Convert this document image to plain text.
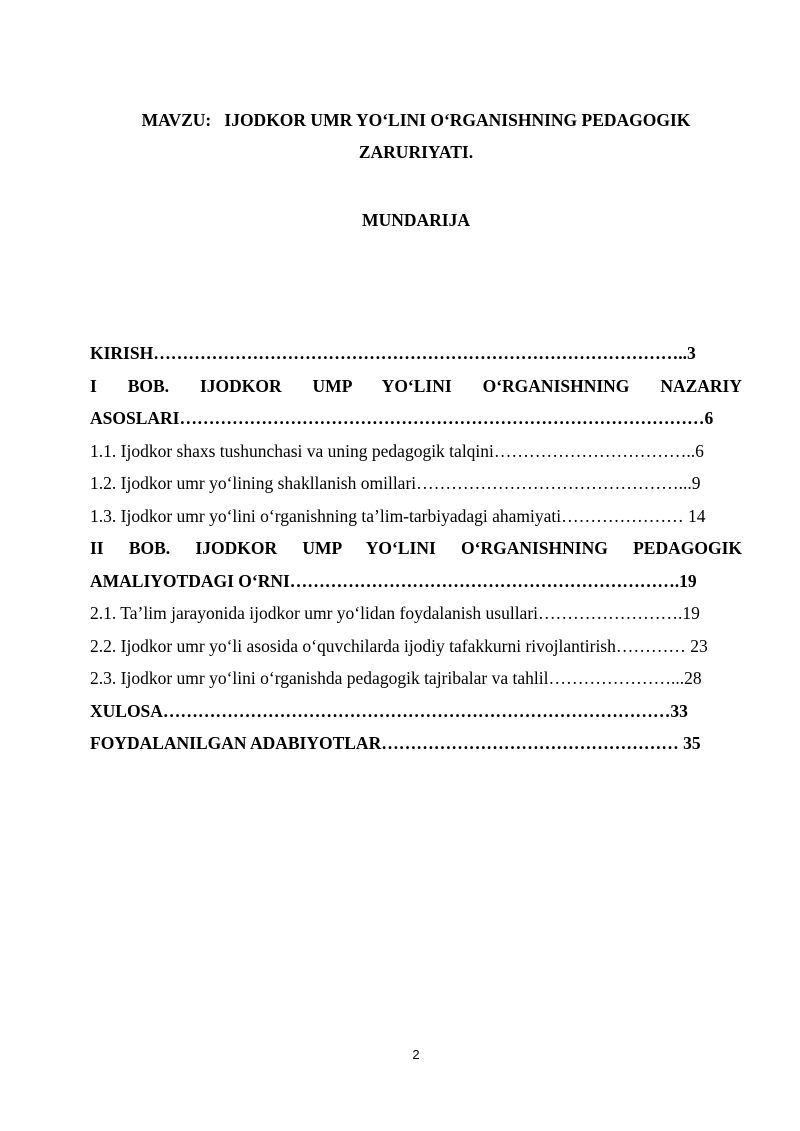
MAVZU:   IJODKOR UMR YO‘LINI O‘RGANISHNING PEDAGOGIK
ZARURIYATI.
MUNDARIJA
KIRISH………………………………………………………………………………..3
I BOB. IJODKOR UMP YO‘LINI O‘RGANISHNING NAZARIY ASOSLARI………………………………………………………………………………6
1.1. Ijodkor shaxs tushunchasi va uning pedagogik talqini……………………………..6
1.2. Ijodkor umr yo‘lining shakllanish omillari………………………………………...9
1.3. Ijodkor umr yo‘lini o‘rganishning ta’lim-tarbiyadagi ahamiyati………………… 14
II BOB. IJODKOR UMP YO‘LINI O‘RGANISHNING PEDAGOGIK AMALIYOTDAGI O‘RNI………………………………………………………….19
2.1. Ta’lim jarayonida ijodkor umr yo‘lidan foydalanish usullari…………………….19
2.2. Ijodkor umr yo‘li asosida o‘quvchilarda ijodiy tafakkurni rivojlantirish………… 23
2.3. Ijodkor umr yo‘lini o‘rganishda pedagogik tajribalar va tahlil…………………...28
XULOSA……………………………………………………………………………33
FOYDALANILGAN ADABIYOTLAR…………………………………………… 35
2
